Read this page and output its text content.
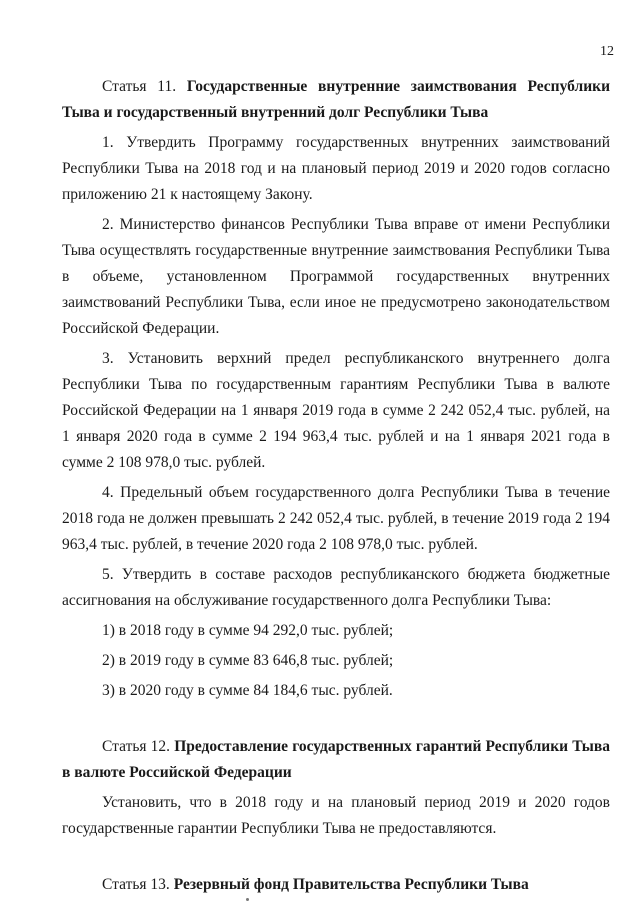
12
Статья 11. Государственные внутренние заимствования Республики Тыва и государственный внутренний долг Республики Тыва

1. Утвердить Программу государственных внутренних заимствований Республики Тыва на 2018 год и на плановый период 2019 и 2020 годов согласно приложению 21 к настоящему Закону.

2. Министерство финансов Республики Тыва вправе от имени Республики Тыва осуществлять государственные внутренние заимствования Республики Тыва в объеме, установленном Программой государственных внутренних заимствований Республики Тыва, если иное не предусмотрено законодательством Российской Федерации.

3. Установить верхний предел республиканского внутреннего долга Республики Тыва по государственным гарантиям Республики Тыва в валюте Российской Федерации на 1 января 2019 года в сумме 2 242 052,4 тыс. рублей, на 1 января 2020 года в сумме 2 194 963,4 тыс. рублей и на 1 января 2021 года в сумме 2 108 978,0 тыс. рублей.

4. Предельный объем государственного долга Республики Тыва в течение 2018 года не должен превышать 2 242 052,4 тыс. рублей, в течение 2019 года 2 194 963,4 тыс. рублей, в течение 2020 года 2 108 978,0 тыс. рублей.

5. Утвердить в составе расходов республиканского бюджета бюджетные ассигнования на обслуживание государственного долга Республики Тыва:

1) в 2018 году в сумме 94 292,0 тыс. рублей;

2) в 2019 году в сумме 83 646,8 тыс. рублей;

3) в 2020 году в сумме 84 184,6 тыс. рублей.

Статья 12. Предоставление государственных гарантий Республики Тыва в валюте Российской Федерации

Установить, что в 2018 году и на плановый период 2019 и 2020 годов государственные гарантии Республики Тыва не предоставляются.

Статья 13. Резервный фонд Правительства Республики Тыва
